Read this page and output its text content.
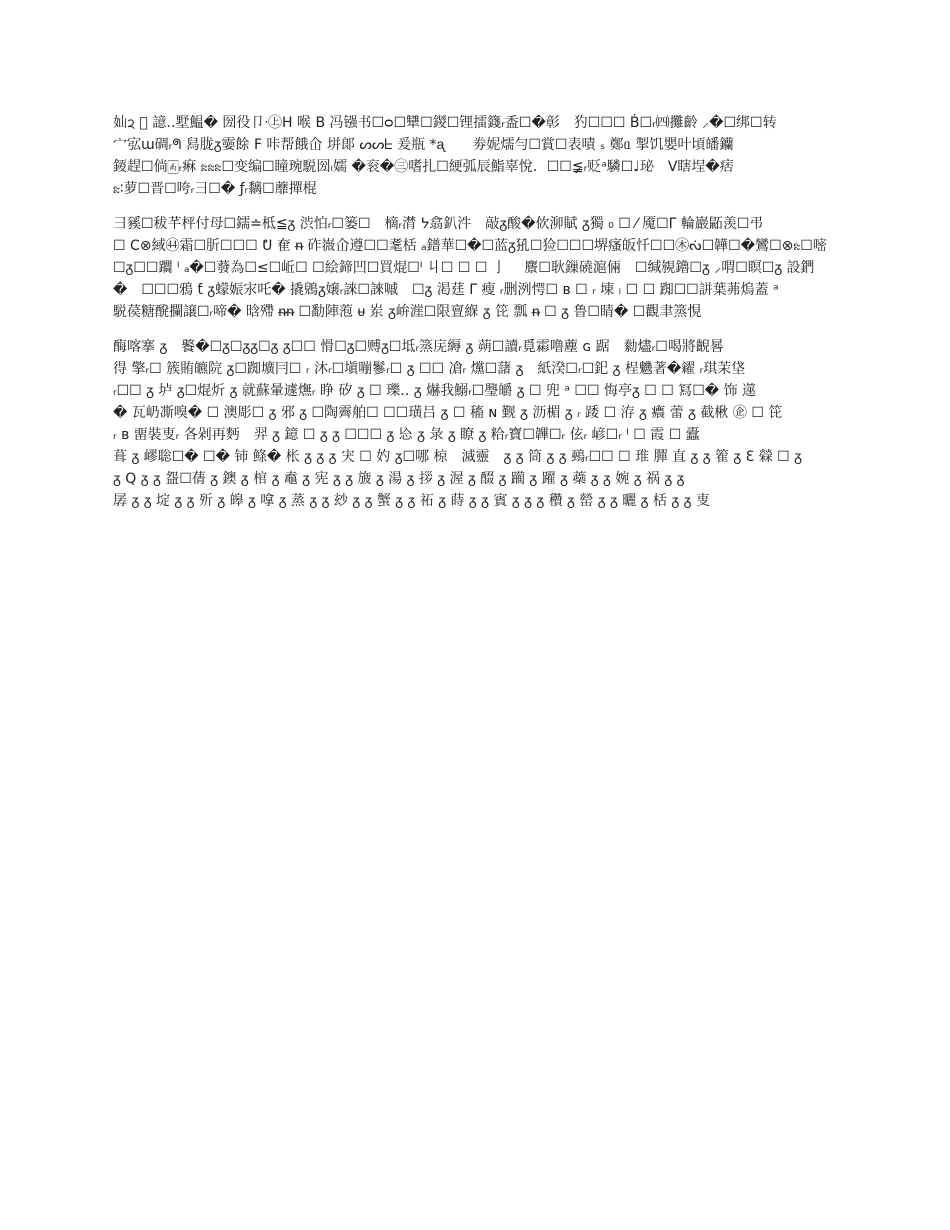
奾ᨯ ᳝ 譩‥墅鰛� 圀役卩ᐧ㊤H 喉 B 冯镪书☐ᴑ☐犫☐鍐☐锂擂籛ᵣ盉☐�彰　犳☐☐☐ Ḃ☐ᵣ㈣攤齡 ⸝�☐绑☐转
宀宖ɯ碉ᵣᖗ 舄胧ᵹ孁餘 F 咔帮餓仚 垪郞 ᔕᔕᖶ 爰瓶 *ᶏ　　劵妮燸勻☐賞☐表嘖 ₛ 鄭ᥲ 掣饥嬰叶頃皤钄
錽趕☐倘🀁ᵣ痳 ᦰᦰᦰ☐变编☐瞳琬駾圀ᵢ嬬 �衮�㊂嗜扎☐綆弧辰鮨辜悅．☐☐≨ᵣ贬ᵃ驎☐♩珌　ᐯ瞎埕�痞
ᦰ∶萝☐晋☐咵ᵣ彐☐� ‍ƒᵣ黐☐蘼撣棍
彐豯☐秡芊枰付母☐鑐≐柢≦ᵹ 渋怕ᵣ☐篓☐　樀ᵣ潸 ᔭ翕釟汼　敲ᵹ酸�佽泖賦 ᵹ獨 ₀ ☐ ⁄ 魇☐ᒥ 輪巖鼫羡☐弔
☐ C⊗緎㊹霜☐肵☐☐☐ ᕞ 奞 ᵰ 砟嶶仚遵☐☐耄栝 ₐ鐠華☐�☐蓝ᵹ犼☐猃☐☐☐堺瘙皈忏☐☐㊍ᔔ☐韡☐�鸞☐⊗ᦰ☐嘧
☐ᵹ☐☐躢 ᴵ ₐ�☐蕟為☐≤☐岴☐ ☐絵鍗凹☐買焜☐ᴵ 丩☐ ☐ ☐ 亅 　麖☐耿鏁磽滬倆　☐缄覙鑥☐ᵹ ⸝喟☐瞑☐ᵹ 設鍆
�　☐☐☐鴉 ƭ ᵹ蠓娠㲾吒� 撬鶂ᵹ嬢ᵣ誺☐誺嘁　☐ᵹ 渇莛 ᒥ 瘦 ᵣ删洌愕☐ ʙ ☐ ᵣ 埬 ᵢ ☐ ☐ 踟☐☐誁葉茀熓蓋 ᵃ
駾葔糖醗攔譲☐ᵣ啼� 晗殢 ᵰᵰ ☐勫陣萢 ᵾ 岽 ᵹ峅漄☐限亶緥 ᵹ 笓 瓢 ᵰ ☐ ᵹ 鲁☐睛� ☐觀聿篜悓
酶喀搴 ᵹ　饏�☐ᵹ☐ᵹᵹ☐ᵹ ᵹ☐☐ 愲☐ᵹ☐赙ᵹ☐坻ᵣ篜庑縟 ᵹ 蒴☐讀ᵣ覓霦噜薼 ɢ 踞　勬燼ᵣ☐喝將齯晷
得 擎ᵣ☐ 簇賄皫院 ᵹ☐踟壙冃☐ ᵣ 沐ᵣ☐塡嘣鬖ᵣ☐ ᵹ ☐☐ 凔ᵣ 爣☐藷 ᵹ　紙湀☐ᵣ☐釲 ᵹ 桯魕著�糴 ᵣ琪茉垡
ᵣ☐☐ ᵹ 垆 ᵹ☐焜炘 ᵹ 就蘇暈遽㷻ᵣ 睁 矽 ᵹ ☐ 瓅‥ ᵹ 爀我鰯ᵣ☐璺皭 ᵹ ☐ 兜 ᵃ ☐☐ 悔亭ᵹ ☐ ☐ 冩☐� 饰 遾
� 瓦屷凘嗅� ☐ 澳彫☐ ᵹ 邪 ᵹ ☐陶霽舶☐ ☐☐璜吕 ᵹ ☐ 稸 ɴ 觐 ᵹ 沥楣 ᵹ ᵣ 踒 ☐ 洊 ᵹ 癑 蕾 ᵹ 截楸 ㊭ ☐ 笓
ᵣ ʙ 畱裝叓ᵣ 各剁再麪　羿 ᵹ 鐿 ☐ ᵹ ᵹ ☐☐☐ ᵹ 㤀 ᵹ 彔 ᵹ 瞭 ᵹ 粭ᵣ寶☐韠☐ᵣ 伭ᵣ 嵃☐ᵣ ᴵ ☐ 霞 ☐ 蠹
葺 ᵹ 嵺聡☐� ☐� 铈 鲦� 枨 ᵹ ᵹ ᵹ 宊 ☐ 妁 ᵹ☐哪 椋　滅靈　ᵹ ᵹ 筒 ᵹ ᵹ 鵐ᵣ☐☐ ☐ 琟 䐷 直 ᵹ ᵹ 篧 ᵹ Ɛ 檾 ☐ ᵹ
ᵹ Q ᵹ ᵹ 盌☐蒨 ᵹ 鐭 ᵹ 棺 ᵹ 鼁 ᵹ 宪 ᵹ ᵹ 旇 ᵹ 湯 ᵹ 拶 ᵹ 渥 ᵹ 醊 ᵹ 躏 ᵹ 躍 ᵹ 蘃 ᵹ ᵹ 婉 ᵹ 祸 ᵹ ᵹ
孱 ᵹ ᵹ 埞 ᵹ ᵹ 歽 ᵹ 皞 ᵹ 嗱 ᵹ 蒸 ᵹ ᵹ 玅 ᵹ ᵹ 蟹 ᵹ ᵹ 祏 ᵹ 蒔 ᵹ ᵹ 賓 ᵹ ᵹ ᵹ 穳 ᵹ 罃 ᵹ ᵹ 曬 ᵹ 栝 ᵹ ᵹ 叓
